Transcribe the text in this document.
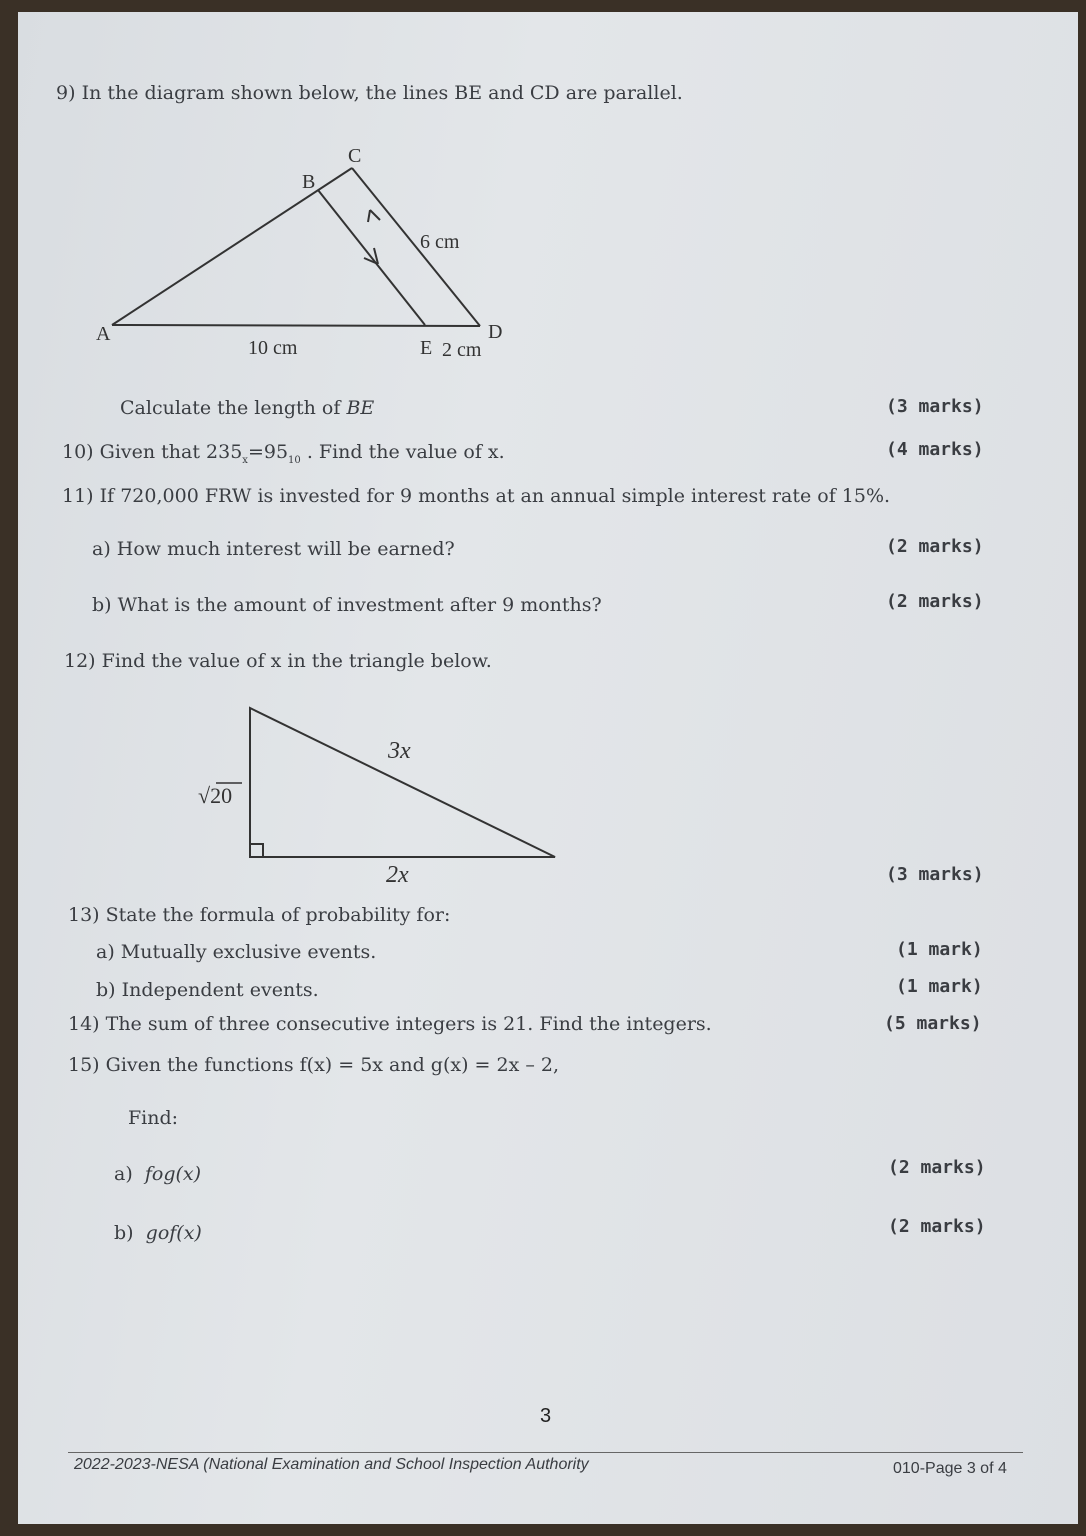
9) In the diagram shown below, the lines BE and CD are parallel.
C
B
A	D
E 2 cm
10 cm
6 cm
Calculate the length of BE	(3 marks)
10) Given that $235_x=95_{10}$ . Find the value of x.	(4 marks)
11) If 720,000 FRW is invested for 9 months at an annual simple interest rate of 15%.
a) How much interest will be earned?	(2 marks)
b) What is the amount of investment after 9 months?	(2 marks)
12) Find the value of x in the triangle below.
3x
2x
√20
(3 marks)
13) State the formula of probability for:
a) Mutually exclusive events.	(1 mark)
b) Independent events.	(1 mark)
14) The sum of three consecutive integers is 21. Find the integers.	(5 marks)
15) Given the functions f(x) = 5x and g(x) = 2x – 2,
Find:
a) fog(x)	(2 marks)
b) gof(x)	(2 marks)
3
2022-2023-NESA (National Examination and School Inspection Authority	010-Page 3 of 4
